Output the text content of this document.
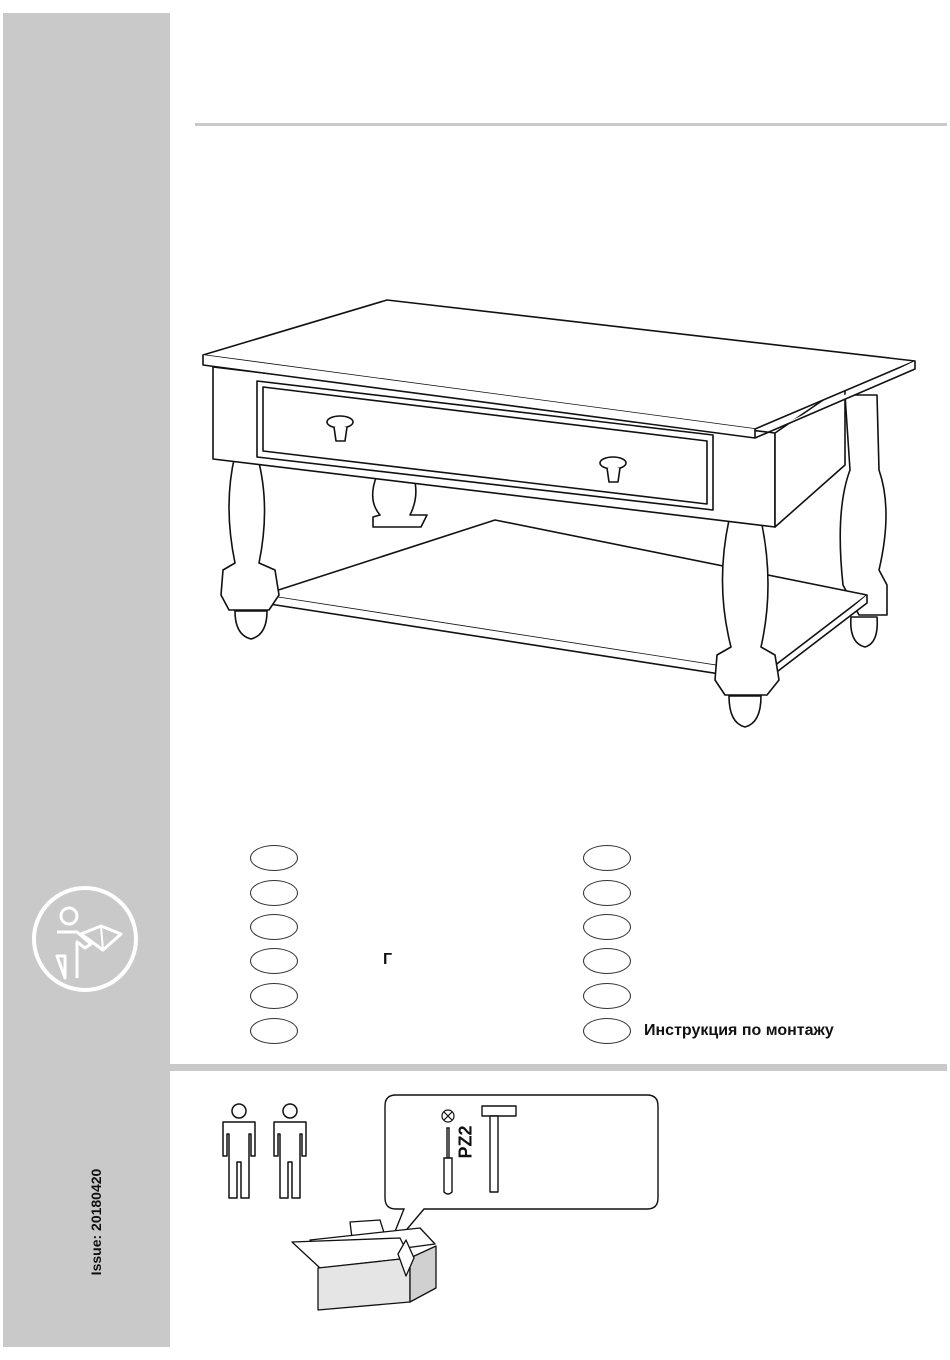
Issue: 20180420
Инструкция по монтажу
Г
PZ2
